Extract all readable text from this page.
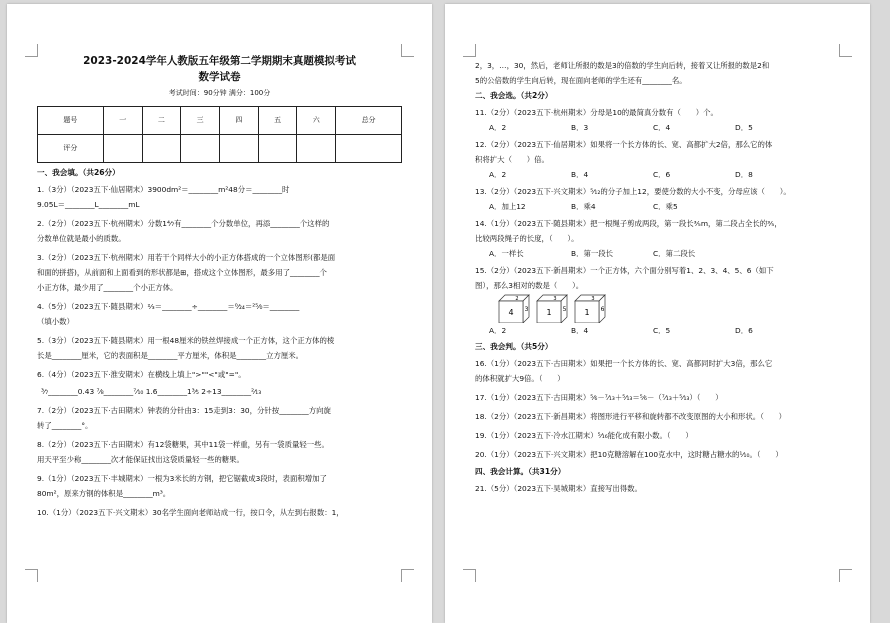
2023-2024学年人教版五年级第二学期期末真题模拟考试
数学试卷
考试时间：90分钟 满分：100分
题号	一	二	三	四	五	六	总分
评分							
一、我会填。（共26分）
1.（3分）（2023五下·仙居期末）3900dm²＝________m²48分＝________时
9.05L＝________L________mL
2.（2分）（2023五下·杭州期末）分数1⁴⁄₇有________个分数单位，再添________个这样的
分数单位就是最小的质数。
3.（2分）（2023五下·杭州期末）用若干个同样大小的小正方体搭成的一个立体图形(都是面
和面的拼搭)，从前面和上面看到的形状都是⊞，搭成这个立体图形，最多用了________个
小正方体，最少用了________个小正方体。
4.（5分）（2023五下·随县期末）⅔＝________÷________＝⁰⁄₂₄＝²⁵⁄₀＝________
（填小数）
5.（3分）（2023五下·随县期末）用一根48厘米的铁丝焊接成一个正方体，这个正方体的棱
长是________厘米，它的表面积是________平方厘米，体积是________立方厘米。
6.（4分）（2023五下·淮安期末）在横线上填上">""<"或"="。
³⁄₇________0.43 ⁷⁄₈________⁷⁄₁₀ 1.6________1³⁄₅ 2÷13________²⁄₁₃
7.（2分）（2023五下·古田期末）钟表的分针由3：15走到3：30，分针按________方向旋
转了________°。
8.（2分）（2023五下·古田期末）有12袋糖果，其中11袋一样重，另有一袋质量轻一些。
用天平至少称________次才能保证找出这袋质量轻一些的糖果。
9.（1分）（2023五下·丰城期末）一根为3米长的方钢，把它锯截成3段时，表面积增加了
80m²，原来方钢的体积是________m³。
10.（1分）（2023五下·兴文期末）30名学生面向老师站成一行，按口令，从左到右报数：1，
2，3，…，30，然后，老师让所报的数是3的倍数的学生向后转，接着又让所报的数是2和
5的公倍数的学生向后转，现在面向老师的学生还有________名。
二、我会选。（共2分）
11.（2分）（2023五下·杭州期末）分母是10的最简真分数有（　　）个。
A．2	B．3	C．4	D．5
12.（2分）（2023五下·仙居期末）如果将一个长方体的长、宽、高都扩大2倍，那么它的体
积将扩大（　　）倍。
A．2	B．4	C．6	D．8
13.（2分）（2023五下·兴文期末）⁵⁄₁₂的分子加上12，要使分数的大小不变，分母应该（　　）。
A．加上12	B．乘4	C．乘5
14.（1分）（2023五下·随县期末）把一根绳子剪成两段，第一段长⅗m，第二段占全长的⅗，
比较两段绳子的长度，（　　）。
A．一样长	B．第一段长	C．第二段长
15.（2分）（2023五下·新昌期末）一个正方体，六个面分别写着1、2、3、4、5、6（如下
图），那么3相对的数是（　　）。
4
2
3 1
3
5 1
3
6
A．2	B．4	C．5	D．6
三、我会判。（共5分）
16.（1分）（2023五下·古田期末）如果把一个长方体的长、宽、高都同时扩大3倍，那么它
的体积就扩大9倍。（　　）
17.（1分）（2023五下·古田期末）⁵⁄₆－⁷⁄₁₃＋⁵⁄₁₃＝⁵⁄₆－（⁷⁄₁₃＋⁵⁄₁₃）（　　）
18.（2分）（2023五下·新昌期末）将图形进行平移和旋转都不改变原图的大小和形状。（　　）
19.（1分）（2023五下·冷水江期末）⁵⁄₁₆能化成有限小数。（　　）
20.（1分）（2023五下·兴文期末）把10克糖溶解在100克水中，这时糖占糖水的¹⁄₁₀。（　　）
四、我会计算。（共31分）
21.（5分）（2023五下·昊城期末）直接写出得数。
